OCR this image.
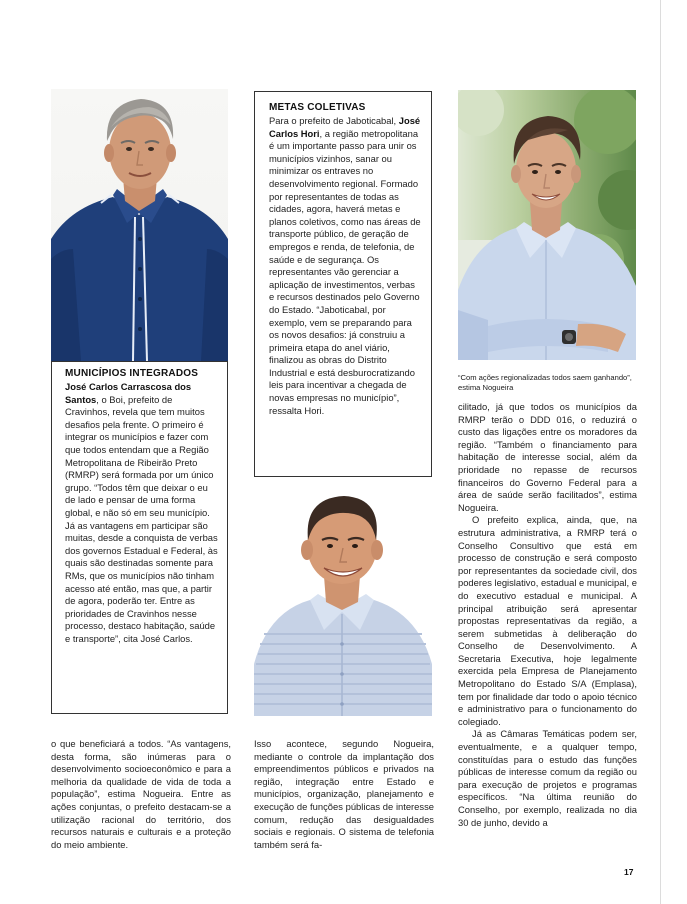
MUNICÍPIOS INTEGRADOS

José Carlos Carrascosa dos Santos, o Boi, prefeito de Cravinhos, revela que tem muitos desafios pela frente. O primeiro é integrar os municípios e fazer com que todos entendam que a Região Metropolitana de Ribeirão Preto (RMRP) será formada por um único grupo. “Todos têm que deixar o eu de lado e pensar de uma forma global, e não só em seu município. Já as vantagens em participar são muitas, desde a conquista de verbas dos governos Estadual e Federal, às quais são destinadas somente para RMs, que os municípios não tinham acesso até então, mas que, a partir de agora, poderão ter. Entre as prioridades de Cravinhos nesse processo, destaco habitação, saúde e transporte”, cita José Carlos.

METAS COLETIVAS

Para o prefeito de Jaboticabal, José Carlos Hori, a região metropolitana é um importante passo para unir os municípios vizinhos, sanar ou minimizar os entraves no desenvolvimento regional. Formado por representantes de todas as cidades, agora, haverá metas e planos coletivos, como nas áreas de transporte público, de geração de empregos e renda, de telefonia, de saúde e de segurança. Os representantes vão gerenciar a aplicação de investimentos, verbas e recursos destinados pelo Governo do Estado. “Jaboticabal, por exemplo, vem se preparando para os novos desafios: já construiu a primeira etapa do anel viário, finalizou as obras do Distrito Industrial e está desburocratizando leis para incentivar a chegada de novas empresas no município”, ressalta Hori.

“Com ações regionalizadas todos saem ganhando”, estima Nogueira

o que beneficiará a todos. “As vantagens, desta forma, são inúmeras para o desenvolvimento socioeconômico e para a melhoria da qualidade de vida de toda a população”, estima Nogueira. Entre as ações conjuntas, o prefeito destacam-se a utilização racional do território, dos recursos naturais e culturais e a proteção do meio ambiente.

Isso acontece, segundo Nogueira, mediante o controle da implantação dos empreendimentos públicos e privados na região, integração entre Estado e municípios, organização, planejamento e execução de funções públicas de interesse comum, redução das desigualdades sociais e regionais. O sistema de telefonia também será fa-

cilitado, já que todos os municípios da RMRP terão o DDD 016, o reduzirá o custo das ligações entre os moradores da região. “Também o financiamento para habitação de interesse social, além da prioridade no repasse de recursos financeiros do Governo Federal para a área de saúde serão facilitados”, estima Nogueira.

O prefeito explica, ainda, que, na estrutura administrativa, a RMRP terá o Conselho Consultivo que está em processo de construção e será composto por representantes da sociedade civil, dos poderes legislativo, estadual e municipal, e do executivo estadual e municipal. A principal atribuição será apresentar propostas representativas da região, a serem submetidas à deliberação do Conselho de Desenvolvimento. A Secretaria Executiva, hoje legalmente exercida pela Empresa de Planejamento Metropolitano do Estado S/A (Emplasa), tem por finalidade dar todo o apoio técnico e administrativo para o funcionamento do colegiado.

Já as Câmaras Temáticas podem ser, eventualmente, e a qualquer tempo, constituídas para o estudo das funções públicas de interesse comum da região ou para execução de projetos e programas específicos. “Na última reunião do Conselho, por exemplo, realizada no dia 30 de junho, devido a

17
